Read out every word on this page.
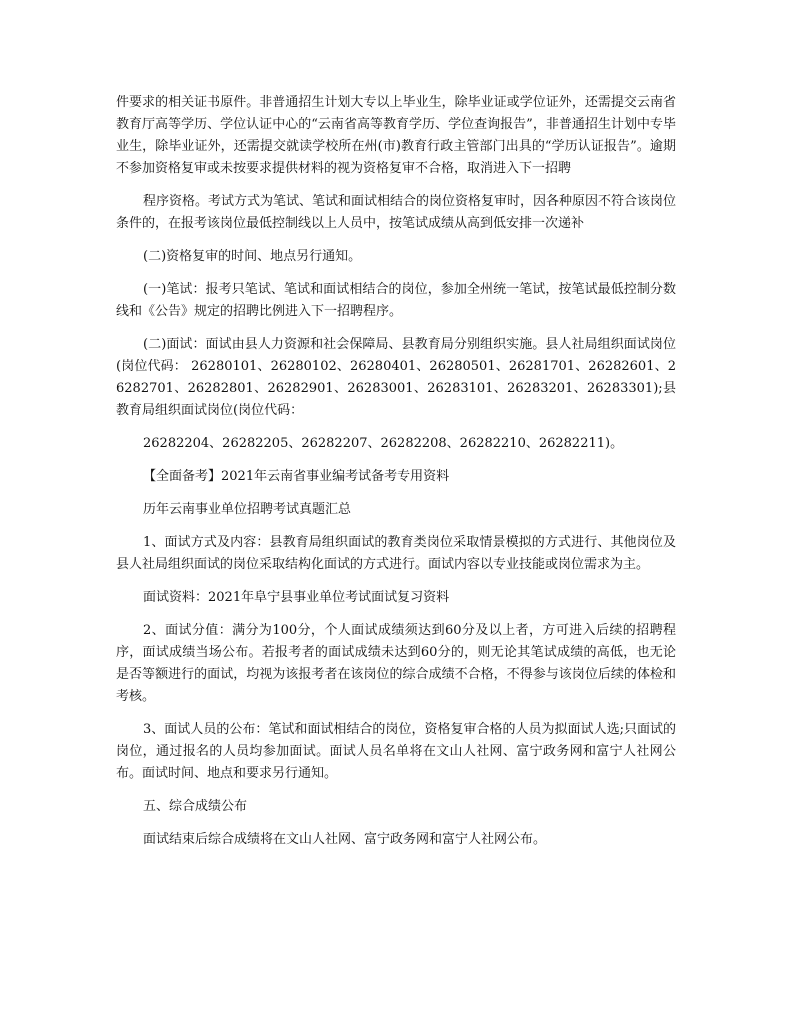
件要求的相关证书原件。非普通招生计划大专以上毕业生，除毕业证或学位证外，还需提交云南省教育厅高等学历、学位认证中心的“云南省高等教育学历、学位查询报告”，非普通招生计划中专毕业生，除毕业证外，还需提交就读学校所在州(市)教育行政主管部门出具的“学历认证报告”。逾期不参加资格复审或未按要求提供材料的视为资格复审不合格，取消进入下一招聘

程序资格。考试方式为笔试、笔试和面试相结合的岗位资格复审时，因各种原因不符合该岗位条件的，在报考该岗位最低控制线以上人员中，按笔试成绩从高到低安排一次递补

(二)资格复审的时间、地点另行通知。

(一)笔试：报考只笔试、笔试和面试相结合的岗位，参加全州统一笔试，按笔试最低控制分数线和《公告》规定的招聘比例进入下一招聘程序。

(二)面试：面试由县人力资源和社会保障局、县教育局分别组织实施。县人社局组织面试岗位(岗位代码： 26280101、26280102、26280401、26280501、26281701、26282601、26282701、26282801、26282901、26283001、26283101、26283201、26283301);县教育局组织面试岗位(岗位代码：

26282204、26282205、26282207、26282208、26282210、26282211)。

【全面备考】2021年云南省事业编考试备考专用资料

历年云南事业单位招聘考试真题汇总

1、面试方式及内容：县教育局组织面试的教育类岗位采取情景模拟的方式进行、其他岗位及县人社局组织面试的岗位采取结构化面试的方式进行。面试内容以专业技能或岗位需求为主。

面试资料：2021年阜宁县事业单位考试面试复习资料

2、面试分值：满分为100分，个人面试成绩须达到60分及以上者，方可进入后续的招聘程序，面试成绩当场公布。若报考者的面试成绩未达到60分的，则无论其笔试成绩的高低，也无论是否等额进行的面试，均视为该报考者在该岗位的综合成绩不合格，不得参与该岗位后续的体检和考核。

3、面试人员的公布：笔试和面试相结合的岗位，资格复审合格的人员为拟面试人选;只面试的岗位，通过报名的人员均参加面试。面试人员名单将在文山人社网、富宁政务网和富宁人社网公布。面试时间、地点和要求另行通知。

五、综合成绩公布

面试结束后综合成绩将在文山人社网、富宁政务网和富宁人社网公布。
